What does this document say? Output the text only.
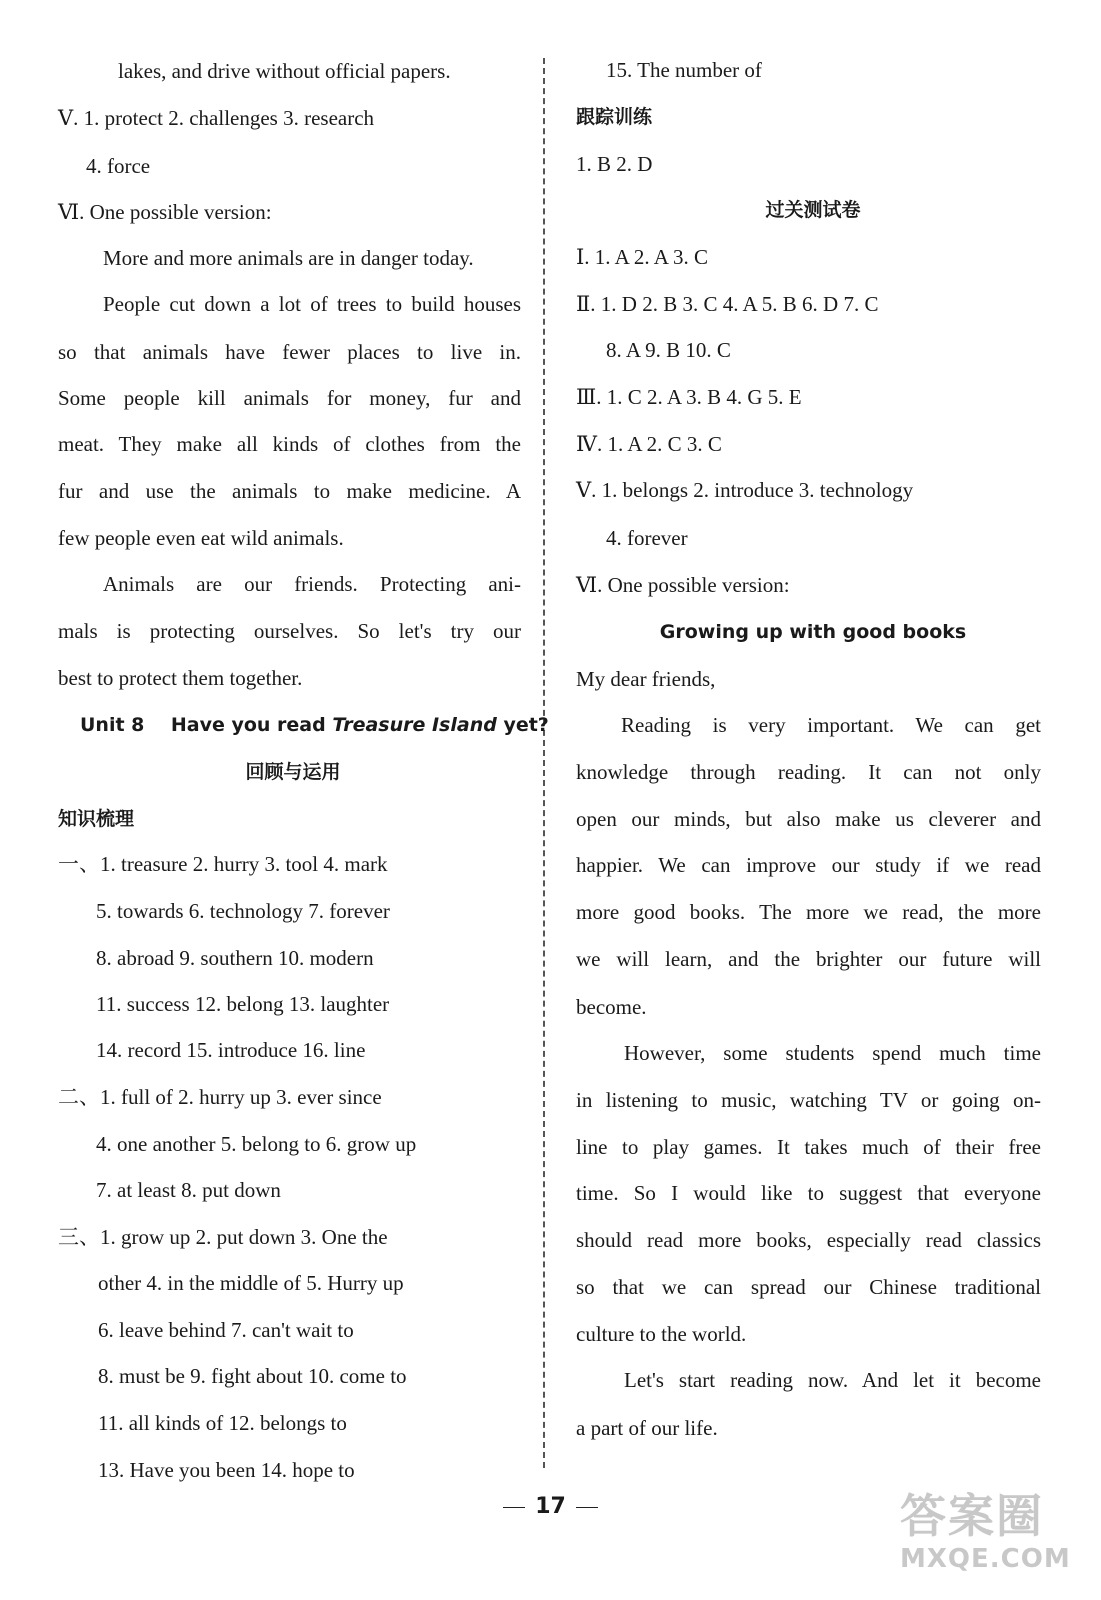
lakes, and drive without official papers.
Ⅴ. 1. protect 2. challenges 3. research
4. force
Ⅵ. One possible version:
More and more animals are in danger today.
People cut down a lot of trees to build houses
so that animals have fewer places to live in.
Some people kill animals for money, fur and
meat. They make all kinds of clothes from the
fur and use the animals to make medicine. A
few people even eat wild animals.
Animals are our friends. Protecting ani-
mals is protecting ourselves. So let's try our
best to protect them together.
Unit 8    Have you read Treasure Island yet?
回顾与运用
知识梳理
一、1. treasure 2. hurry 3. tool 4. mark
5. towards 6. technology 7. forever
8. abroad 9. southern 10. modern
11. success 12. belong 13. laughter
14. record 15. introduce 16. line
二、1. full of 2. hurry up 3. ever since
4. one another 5. belong to 6. grow up
7. at least 8. put down
三、1. grow up 2. put down 3. One the
other 4. in the middle of 5. Hurry up
6. leave behind 7. can't wait to
8. must be 9. fight about 10. come to
11. all kinds of 12. belongs to
13. Have you been 14. hope to
15. The number of
跟踪训练
1. B 2. D
过关测试卷
Ⅰ. 1. A 2. A 3. C
Ⅱ. 1. D 2. B 3. C 4. A 5. B 6. D 7. C
8. A 9. B 10. C
Ⅲ. 1. C 2. A 3. B 4. G 5. E
Ⅳ. 1. A 2. C 3. C
Ⅴ. 1. belongs 2. introduce 3. technology
4. forever
Ⅵ. One possible version:
Growing up with good books
My dear friends,
Reading is very important. We can get
knowledge through reading. It can not only
open our minds, but also make us cleverer and
happier. We can improve our study if we read
more good books. The more we read, the more
we will learn, and the brighter our future will
become.
However, some students spend much time
in listening to music, watching TV or going on-
line to play games. It takes much of their free
time. So I would like to suggest that everyone
should read more books, especially read classics
so that we can spread our Chinese traditional
culture to the world.
Let's start reading now. And let it become
a part of our life.
17	答案圈
MXQE.COM
